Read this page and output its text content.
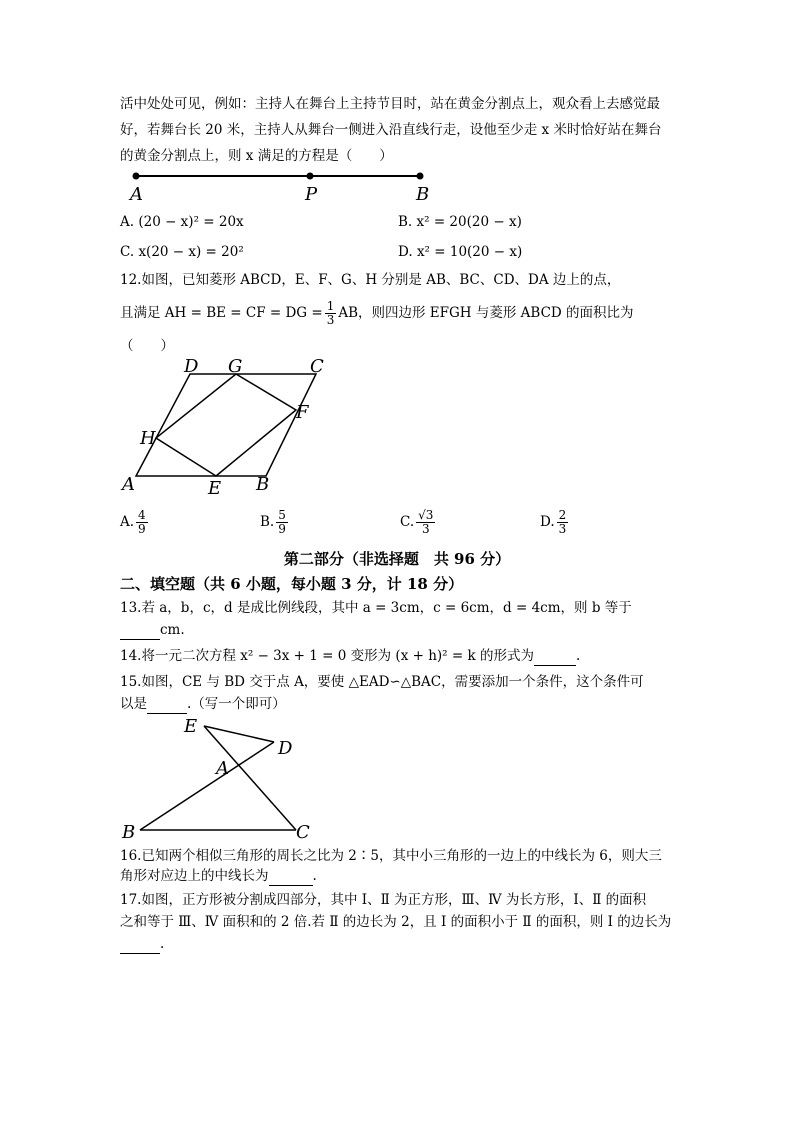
活中处处可见，例如：主持人在舞台上主持节目时，站在黄金分割点上，观众看上去感觉最
好，若舞台长 20 米，主持人从舞台一侧进入沿直线行走，设他至少走 x 米时恰好站在舞台
的黄金分割点上，则 x 满足的方程是（　　）
A	P	B
A. (20 − x)² = 20x	B. x² = 20(20 − x)
C. x(20 − x) = 20²	D. x² = 10(20 − x)
12.如图，已知菱形 ABCD，E、F、G、H 分别是 AB、BC、CD、DA 边上的点，
且满足 AH = BE = CF = DG = $\frac{1}{3}$ AB，则四边形 EFGH 与菱形 ABCD 的面积比为
（　　）
D G	C
H
F
A	E B
A. $\frac{4}{9}$	B. $\frac{5}{9}$	C. $\frac{√3}{3}$	D. $\frac{2}{3}$
第二部分（非选择题　共 96 分）
二、填空题（共 6 小题，每小题 3 分，计 18 分）
13.若 a，b，c，d 是成比例线段，其中 a = 3cm，c = 6cm，d = 4cm，则 b 等于
cm.
14.将一元二次方程 x² − 3x + 1 = 0 变形为 (x + h)² = k 的形式为	.
15.如图，CE 与 BD 交于点 A，要使 △EAD∽△BAC，需要添加一个条件，这个条件可
以是	.（写一个即可）
E
D
A
B	C
16.已知两个相似三角形的周长之比为 2∶5，其中小三角形的一边上的中线长为 6，则大三
角形对应边上的中线长为	.
17.如图，正方形被分割成四部分，其中 Ⅰ、Ⅱ 为正方形，Ⅲ、Ⅳ 为长方形，Ⅰ、Ⅱ 的面积
之和等于 Ⅲ、Ⅳ 面积和的 2 倍.若 Ⅱ 的边长为 2，且 Ⅰ 的面积小于 Ⅱ 的面积，则 Ⅰ 的边长为
.
